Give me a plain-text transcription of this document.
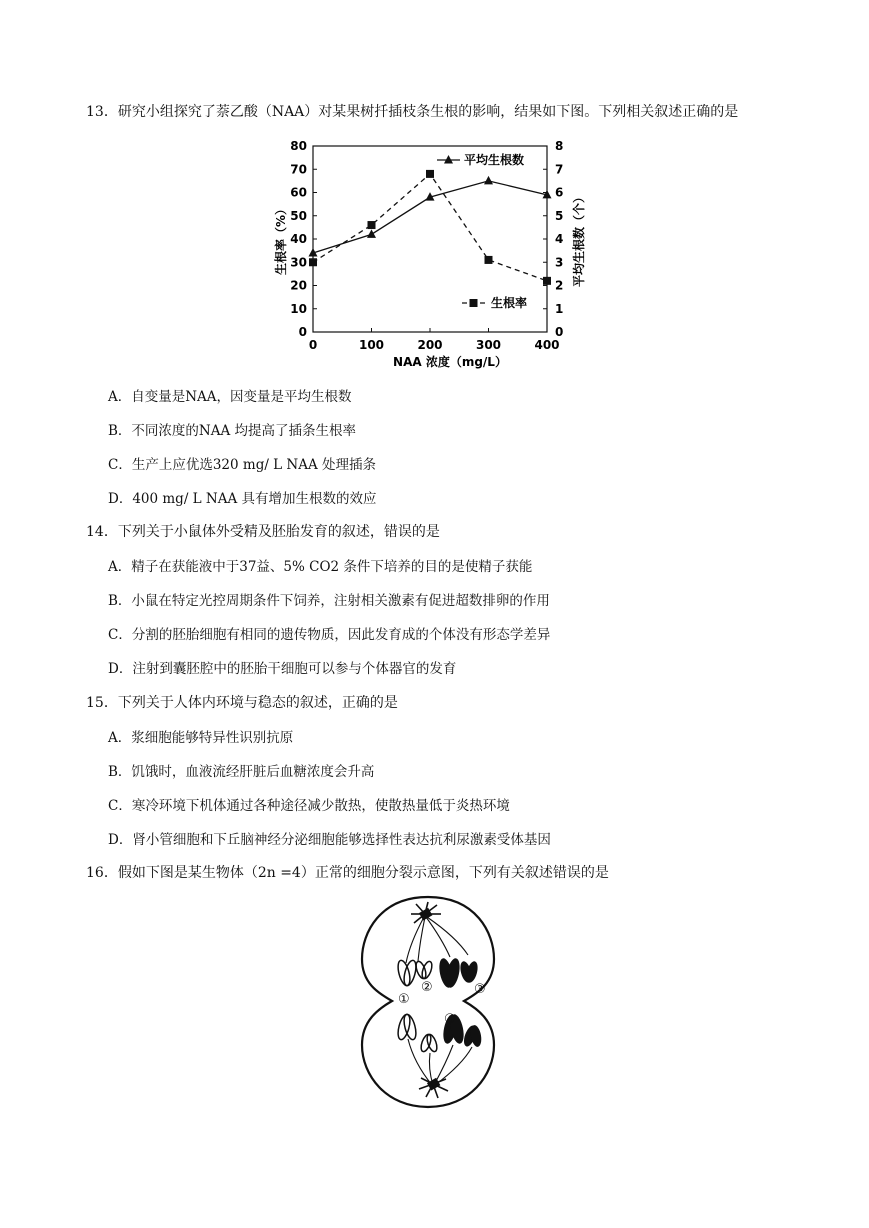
13．研究小组探究了萘乙酸（NAA）对某果树扦插枝条生根的影响，结果如下图。下列相关叙述正确的是
0
10
20
30
40
50
60
70
80
0
1
2
3
4
5
6
7
8
0	100	200	300	400
NAA 浓度（mg/L）
生根率（%）	平均生根数（个）
平均生根数
生根率
A．自变量是NAA，因变量是平均生根数
B．不同浓度的NAA 均提高了插条生根率
C．生产上应优选320 mg/ L NAA 处理插条
D．400 mg/ L NAA 具有增加生根数的效应
14．下列关于小鼠体外受精及胚胎发育的叙述，错误的是
A．精子在获能液中于37益、5% CO2 条件下培养的目的是使精子获能
B．小鼠在特定光控周期条件下饲养，注射相关激素有促进超数排卵的作用
C．分割的胚胎细胞有相同的遗传物质，因此发育成的个体没有形态学差异
D．注射到囊胚腔中的胚胎干细胞可以参与个体器官的发育
15．下列关于人体内环境与稳态的叙述，正确的是
A．浆细胞能够特异性识别抗原
B．饥饿时，血液流经肝脏后血糖浓度会升高
C．寒冷环境下机体通过各种途径减少散热，使散热量低于炎热环境
D．肾小管细胞和下丘脑神经分泌细胞能够选择性表达抗利尿激素受体基因
16．假如下图是某生物体（2n =4）正常的细胞分裂示意图，下列有关叙述错误的是
①
②	③
④
